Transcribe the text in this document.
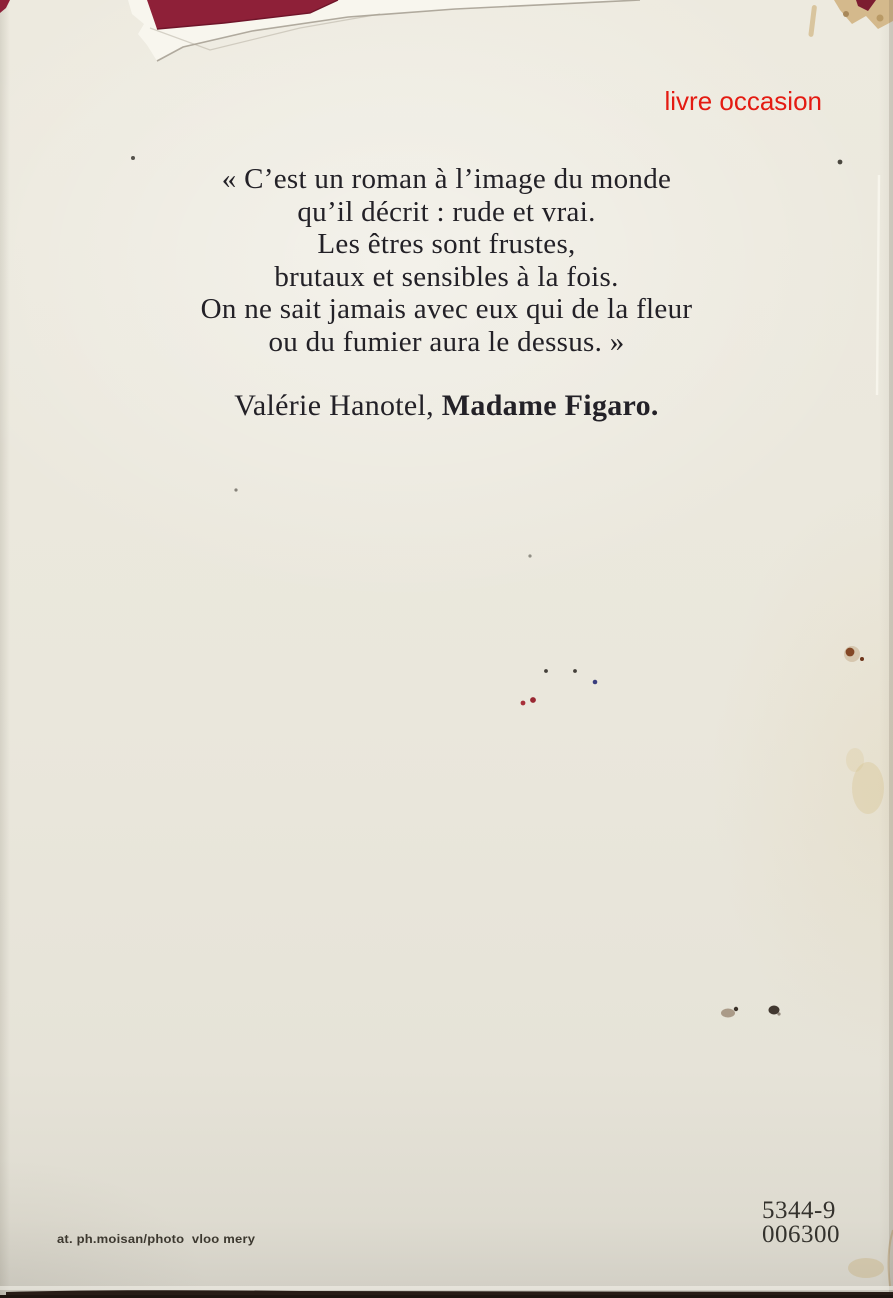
livre occasion
« C’est un roman à l’image du monde
qu’il décrit : rude et vrai.
Les êtres sont frustes,
brutaux et sensibles à la fois.
On ne sait jamais avec eux qui de la fleur
ou du fumier aura le dessus. »
Valérie Hanotel, Madame Figaro.
at. ph.moisan/photo  vloo mery
5344-9
006300
